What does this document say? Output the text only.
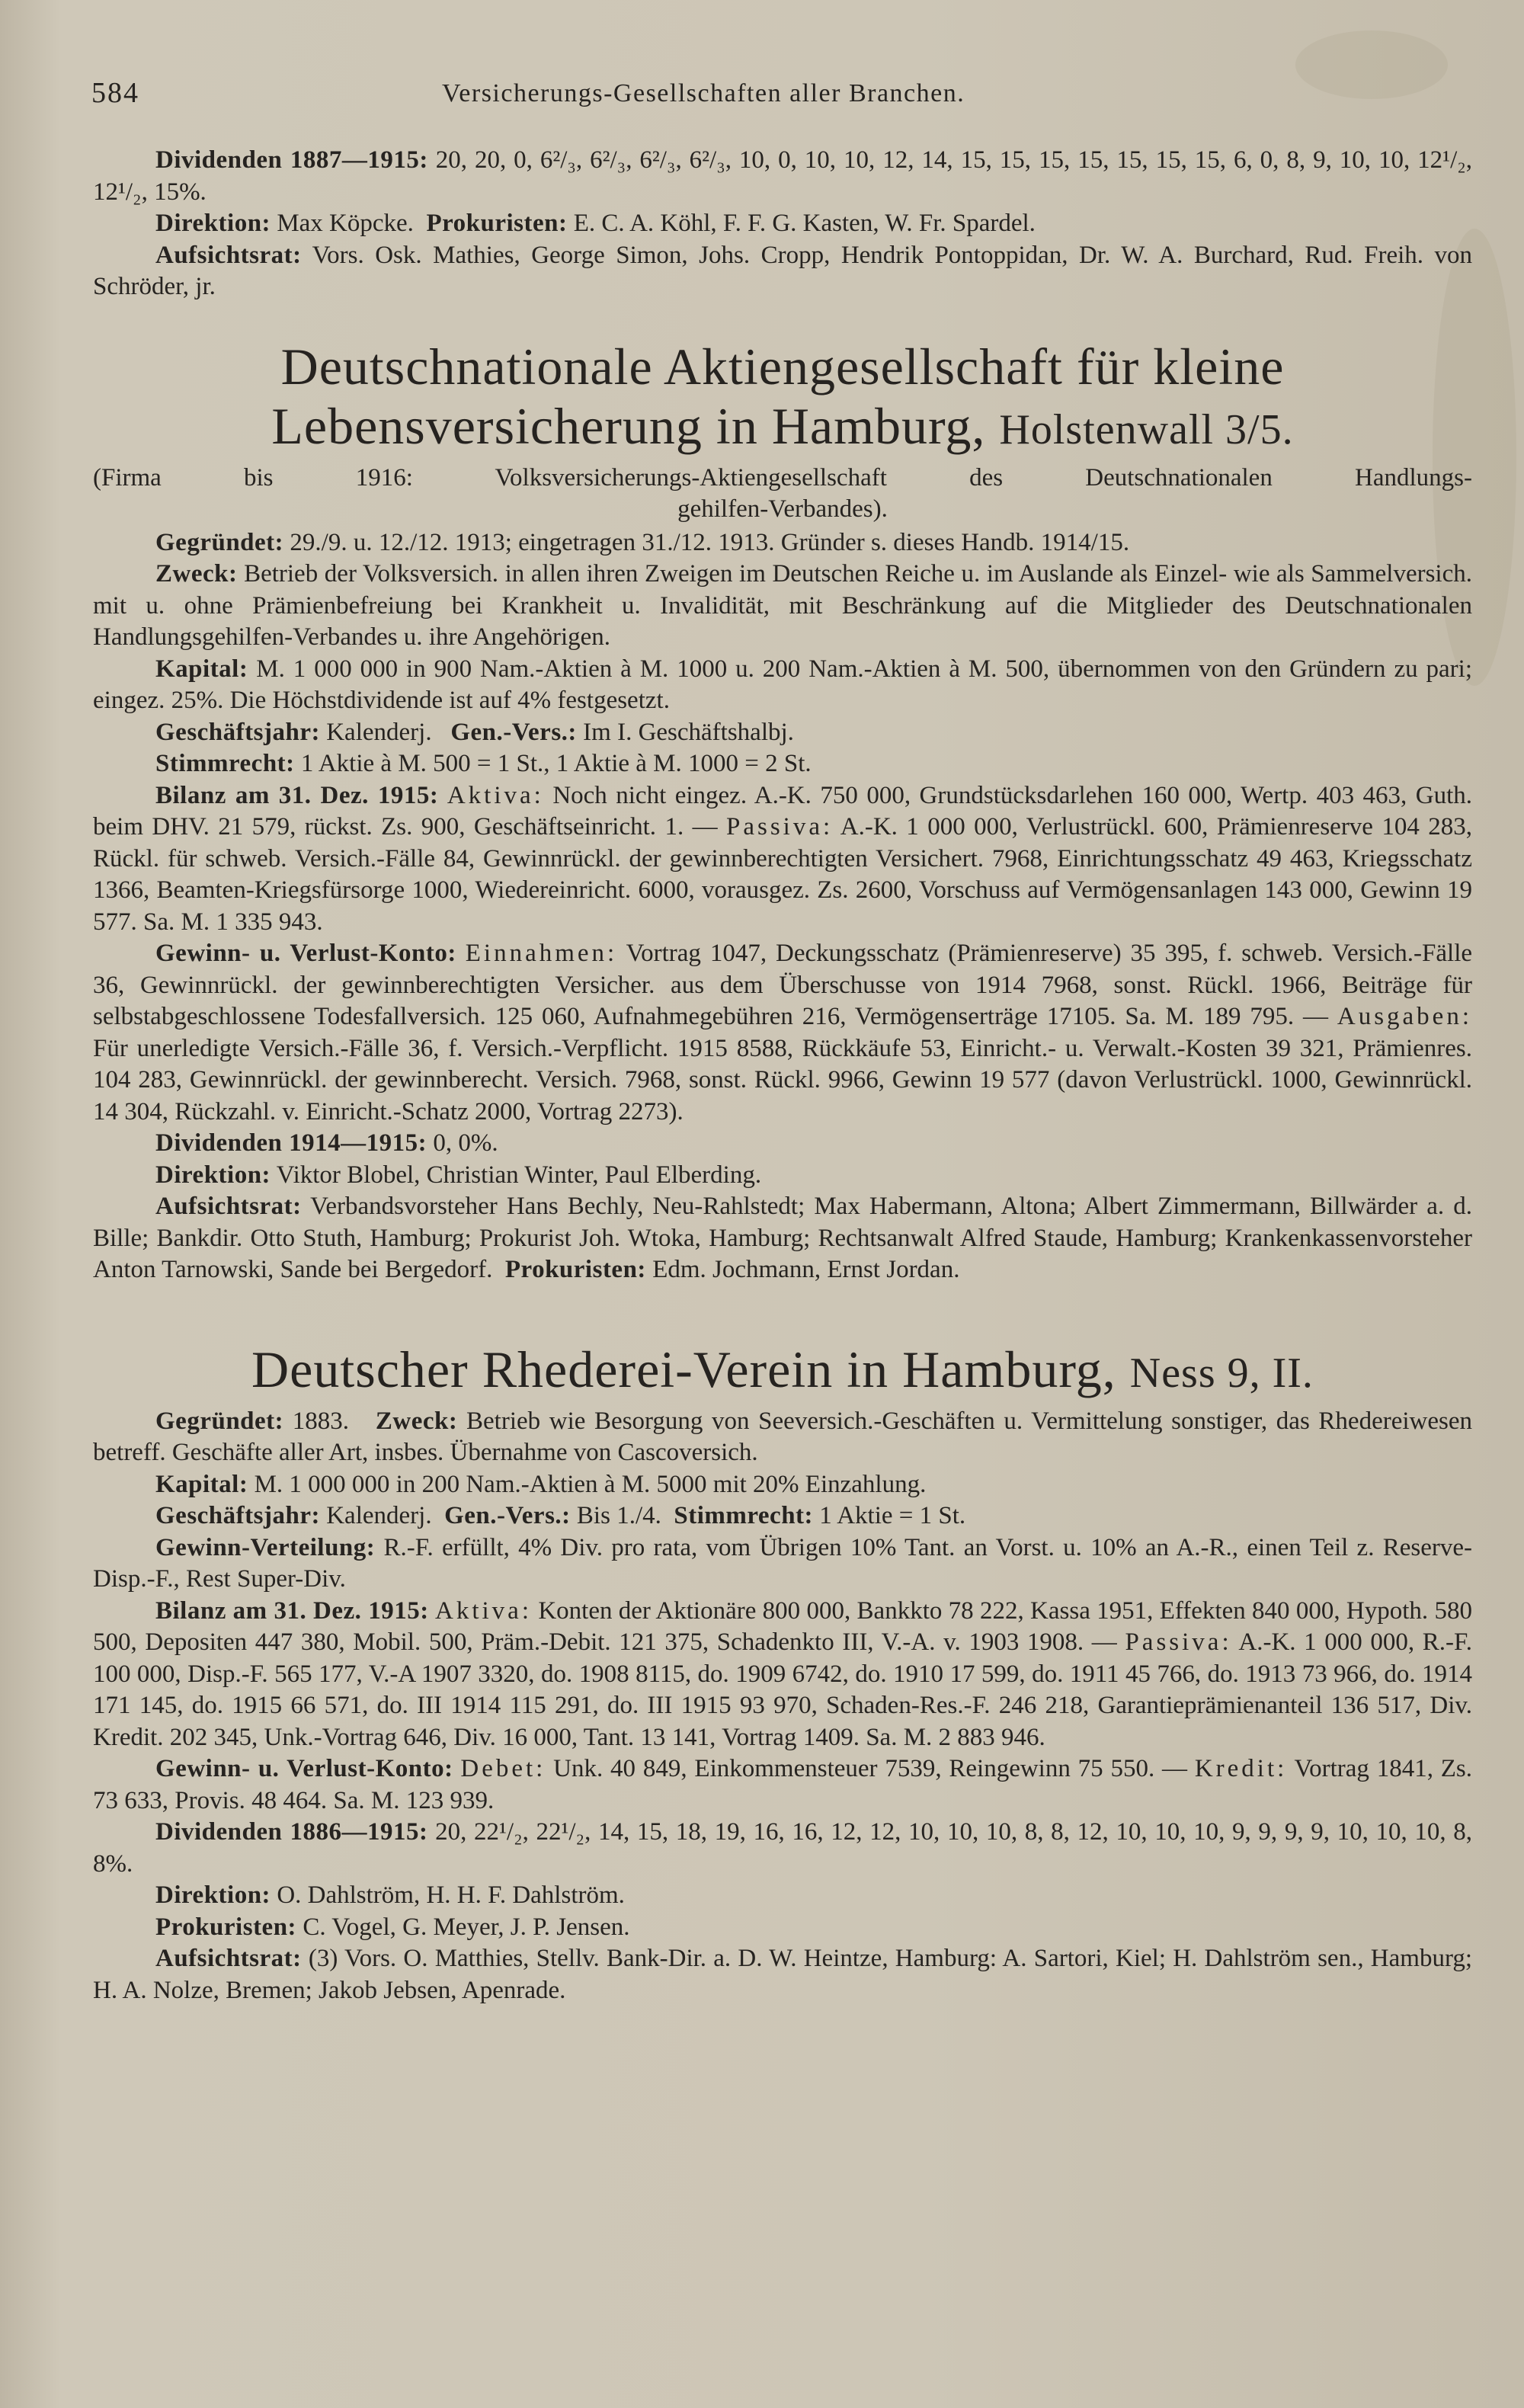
584	Versicherungs-Gesellschaften aller Branchen.

Dividenden 1887—1915: 20, 20, 0, 6²/₃, 6²/₃, 6²/₃, 6²/₃, 10, 0, 10, 10, 12, 14, 15, 15, 15, 15, 15, 15, 15, 6, 0, 8, 9, 10, 10, 12¹/₂, 12¹/₂, 15%.

Direktion: Max Köpcke. Prokuristen: E. C. A. Köhl, F. F. G. Kasten, W. Fr. Spardel.

Aufsichtsrat: Vors. Osk. Mathies, George Simon, Johs. Cropp, Hendrik Pontoppidan, Dr. W. A. Burchard, Rud. Freih. von Schröder, jr.

Deutschnationale Aktiengesellschaft für kleine Lebensversicherung in Hamburg, Holstenwall 3/5.
(Firma bis 1916: Volksversicherungs-Aktiengesellschaft des Deutschnationalen Handlungs-
gehilfen-Verbandes).

Gegründet: 29./9. u. 12./12. 1913; eingetragen 31./12. 1913. Gründer s. dieses Handb. 1914/15.

Zweck: Betrieb der Volksversich. in allen ihren Zweigen im Deutschen Reiche u. im Auslande als Einzel- wie als Sammelversich. mit u. ohne Prämienbefreiung bei Krankheit u. Invalidität, mit Beschränkung auf die Mitglieder des Deutschnationalen Handlungsgehilfen-Verbandes u. ihre Angehörigen.

Kapital: M. 1 000 000 in 900 Nam.-Aktien à M. 1000 u. 200 Nam.-Aktien à M. 500, übernommen von den Gründern zu pari; eingez. 25%. Die Höchstdividende ist auf 4% festgesetzt.

Geschäftsjahr: Kalenderj. Gen.-Vers.: Im I. Geschäftshalbj.

Stimmrecht: 1 Aktie à M. 500 = 1 St., 1 Aktie à M. 1000 = 2 St.

Bilanz am 31. Dez. 1915: Aktiva: Noch nicht eingez. A.-K. 750 000, Grundstücksdarlehen 160 000, Wertp. 403 463, Guth. beim DHV. 21 579, rückst. Zs. 900, Geschäftseinricht. 1. — Passiva: A.-K. 1 000 000, Verlustrückl. 600, Prämienreserve 104 283, Rückl. für schweb. Versich.-Fälle 84, Gewinnrückl. der gewinnberechtigten Versichert. 7968, Einrichtungsschatz 49 463, Kriegsschatz 1366, Beamten-Kriegsfürsorge 1000, Wiedereinricht. 6000, vorausgez. Zs. 2600, Vorschuss auf Vermögensanlagen 143 000, Gewinn 19 577. Sa. M. 1 335 943.

Gewinn- u. Verlust-Konto: Einnahmen: Vortrag 1047, Deckungsschatz (Prämienreserve) 35 395, f. schweb. Versich.-Fälle 36, Gewinnrückl. der gewinnberechtigten Versicher. aus dem Überschusse von 1914 7968, sonst. Rückl. 1966, Beiträge für selbstabgeschlossene Todesfallversich. 125 060, Aufnahmegebühren 216, Vermögenserträge 17105. Sa. M. 189 795. — Ausgaben: Für unerledigte Versich.-Fälle 36, f. Versich.-Verpflicht. 1915 8588, Rückkäufe 53, Einricht.- u. Verwalt.-Kosten 39 321, Prämienres. 104 283, Gewinnrückl. der gewinnberecht. Versich. 7968, sonst. Rückl. 9966, Gewinn 19 577 (davon Verlustrückl. 1000, Gewinnrückl. 14 304, Rückzahl. v. Einricht.-Schatz 2000, Vortrag 2273).

Dividenden 1914—1915: 0, 0%.

Direktion: Viktor Blobel, Christian Winter, Paul Elberding.

Aufsichtsrat: Verbandsvorsteher Hans Bechly, Neu-Rahlstedt; Max Habermann, Altona; Albert Zimmermann, Billwärder a. d. Bille; Bankdir. Otto Stuth, Hamburg; Prokurist Joh. Wtoka, Hamburg; Rechtsanwalt Alfred Staude, Hamburg; Krankenkassenvorsteher Anton Tarnowski, Sande bei Bergedorf. Prokuristen: Edm. Jochmann, Ernst Jordan.

Deutscher Rhederei-Verein in Hamburg, Ness 9, II.

Gegründet: 1883. Zweck: Betrieb wie Besorgung von Seeversich.-Geschäften u. Vermittelung sonstiger, das Rhedereiwesen betreff. Geschäfte aller Art, insbes. Übernahme von Cascoversich.

Kapital: M. 1 000 000 in 200 Nam.-Aktien à M. 5000 mit 20% Einzahlung.

Geschäftsjahr: Kalenderj. Gen.-Vers.: Bis 1./4. Stimmrecht: 1 Aktie = 1 St.

Gewinn-Verteilung: R.-F. erfüllt, 4% Div. pro rata, vom Übrigen 10% Tant. an Vorst. u. 10% an A.-R., einen Teil z. Reserve-Disp.-F., Rest Super-Div.

Bilanz am 31. Dez. 1915: Aktiva: Konten der Aktionäre 800 000, Bankkto 78 222, Kassa 1951, Effekten 840 000, Hypoth. 580 500, Depositen 447 380, Mobil. 500, Präm.-Debit. 121 375, Schadenkto III, V.-A. v. 1903 1908. — Passiva: A.-K. 1 000 000, R.-F. 100 000, Disp.-F. 565 177, V.-A 1907 3320, do. 1908 8115, do. 1909 6742, do. 1910 17 599, do. 1911 45 766, do. 1913 73 966, do. 1914 171 145, do. 1915 66 571, do. III 1914 115 291, do. III 1915 93 970, Schaden-Res.-F. 246 218, Garantieprämienanteil 136 517, Div. Kredit. 202 345, Unk.-Vortrag 646, Div. 16 000, Tant. 13 141, Vortrag 1409. Sa. M. 2 883 946.

Gewinn- u. Verlust-Konto: Debet: Unk. 40 849, Einkommensteuer 7539, Reingewinn 75 550. — Kredit: Vortrag 1841, Zs. 73 633, Provis. 48 464. Sa. M. 123 939.

Dividenden 1886—1915: 20, 22¹/₂, 22¹/₂, 14, 15, 18, 19, 16, 16, 12, 12, 10, 10, 10, 8, 8, 12, 10, 10, 10, 9, 9, 9, 9, 10, 10, 10, 8, 8%.

Direktion: O. Dahlström, H. H. F. Dahlström.

Prokuristen: C. Vogel, G. Meyer, J. P. Jensen.

Aufsichtsrat: (3) Vors. O. Matthies, Stellv. Bank-Dir. a. D. W. Heintze, Hamburg: A. Sartori, Kiel; H. Dahlström sen., Hamburg; H. A. Nolze, Bremen; Jakob Jebsen, Apenrade.
